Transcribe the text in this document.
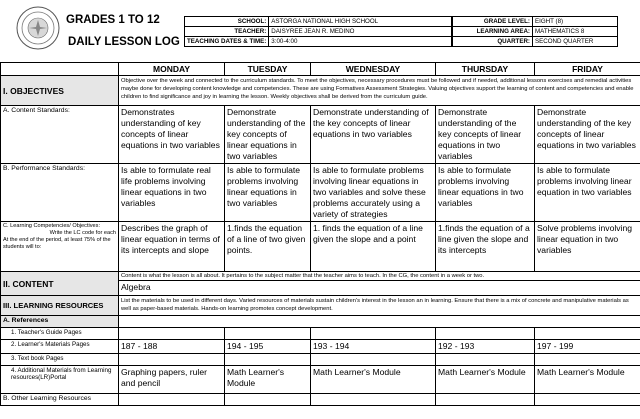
GRADES 1 TO 12
DAILY LESSON LOG
SCHOOL:	ASTORGA NATIONAL HIGH SCHOOL
TEACHER:	DAISYREE JEAN R. MEDINO
TEACHING DATES & TIME:	3:00-4:00
GRADE LEVEL:	EIGHT (8)
LEARNING AREA:	MATHEMATICS 8
QUARTER:	SECOND QUARTER
	MONDAY	TUESDAY	WEDNESDAY	THURSDAY	FRIDAY
I. OBJECTIVES	Objective over the week and connected to the curriculum standards. To meet the objectives, necessary procedures must be followed and if needed, additional lessons exercises and remedial activities maybe done for developing content knowledge and competencies. These are using Formatives Assessment Strategies. Valuing objectives support the learning of content and competencies and enable children to find significance and joy in learning the lesson. Weekly objectives shall be derived from the curriculum guide.				
A. Content Standards:	Demonstrates understanding of key concepts of linear equations in two variables	Demonstrate understanding of the key concepts of linear equations in two variables	Demonstrate understanding of the key concepts of linear equations in two variables	Demonstrate understanding of the key concepts of linear equations in two variables	Demonstrate understanding of the key concepts of linear equations in two variables
B. Performance Standards:	Is able to formulate real life problems involving linear equations in two variables	Is able to formulate problems involving linear equations in two variables	Is able to formulate problems involving linear equations in two variables and solve these problems accurately using a variety of strategies	Is able to formulate problems involving linear equations in two variables	Is able to formulate problems involving linear equation in two variables

C. Learning Competencies/ Objectives:
Write the LC code for each
At the end of the period, at least 75% of the students will to:	Describes the graph of linear equation in terms of its intercepts and slope	1.finds the equation of a line of two given points.	1. finds the equation of a line given the slope and a point	1.finds the equation of a line given the slope and its intercepts	Solve problems involving linear equation in two variables
II. CONTENT	Content is what the lesson is all about. It pertains to the subject matter that the teacher aims to teach. In the CG, the content in a week or two.
Algebra				

III. LEARNING RESOURCES	List the materials to be used in different days. Varied resources of materials sustain children's interest in the lesson an in learning. Ensure that there is a mix of concrete and manipulative materials as well as paper-based materials. Hands-on learning promotes concept development.				
A. References					
1. Teacher's Guide Pages					
2. Learner's Materials Pages	187 - 188	194 - 195	193 - 194	192 - 193	197 - 199
3. Text book Pages					
4. Additional Materials from Learning resources(LR)Portal	Graphing papers, ruler and pencil	Math Learner's Module	Math Learner's Module	Math Learner's Module	Math Learner's Module
B. Other Learning Resources					
